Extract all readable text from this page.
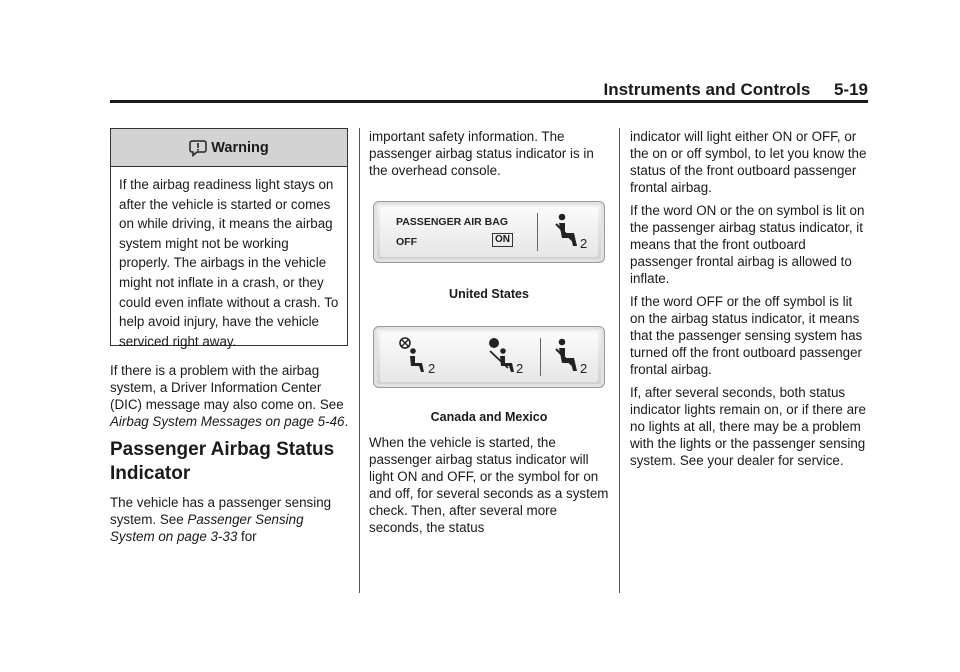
Instruments and Controls     5-19
Warning
If the airbag readiness light stays on after the vehicle is started or comes on while driving, it means the airbag system might not be working properly. The airbags in the vehicle might not inflate in a crash, or they could even inflate without a crash. To help avoid injury, have the vehicle serviced right away.

If there is a problem with the airbag system, a Driver Information Center (DIC) message may also come on. See Airbag System Messages on page 5-46.

Passenger Airbag Status Indicator

The vehicle has a passenger sensing system. See Passenger Sensing System on page 3-33 for

important safety information. The passenger airbag status indicator is in the overhead console.

PASSENGER AIR BAG
OFF	ON	2
United States
2	2	2
Canada and Mexico

When the vehicle is started, the passenger airbag status indicator will light ON and OFF, or the symbol for on and off, for several seconds as a system check. Then, after several more seconds, the status

indicator will light either ON or OFF, or the on or off symbol, to let you know the status of the front outboard passenger frontal airbag.

If the word ON or the on symbol is lit on the passenger airbag status indicator, it means that the front outboard passenger frontal airbag is allowed to inflate.

If the word OFF or the off symbol is lit on the airbag status indicator, it means that the passenger sensing system has turned off the front outboard passenger frontal airbag.

If, after several seconds, both status indicator lights remain on, or if there are no lights at all, there may be a problem with the lights or the passenger sensing system. See your dealer for service.
